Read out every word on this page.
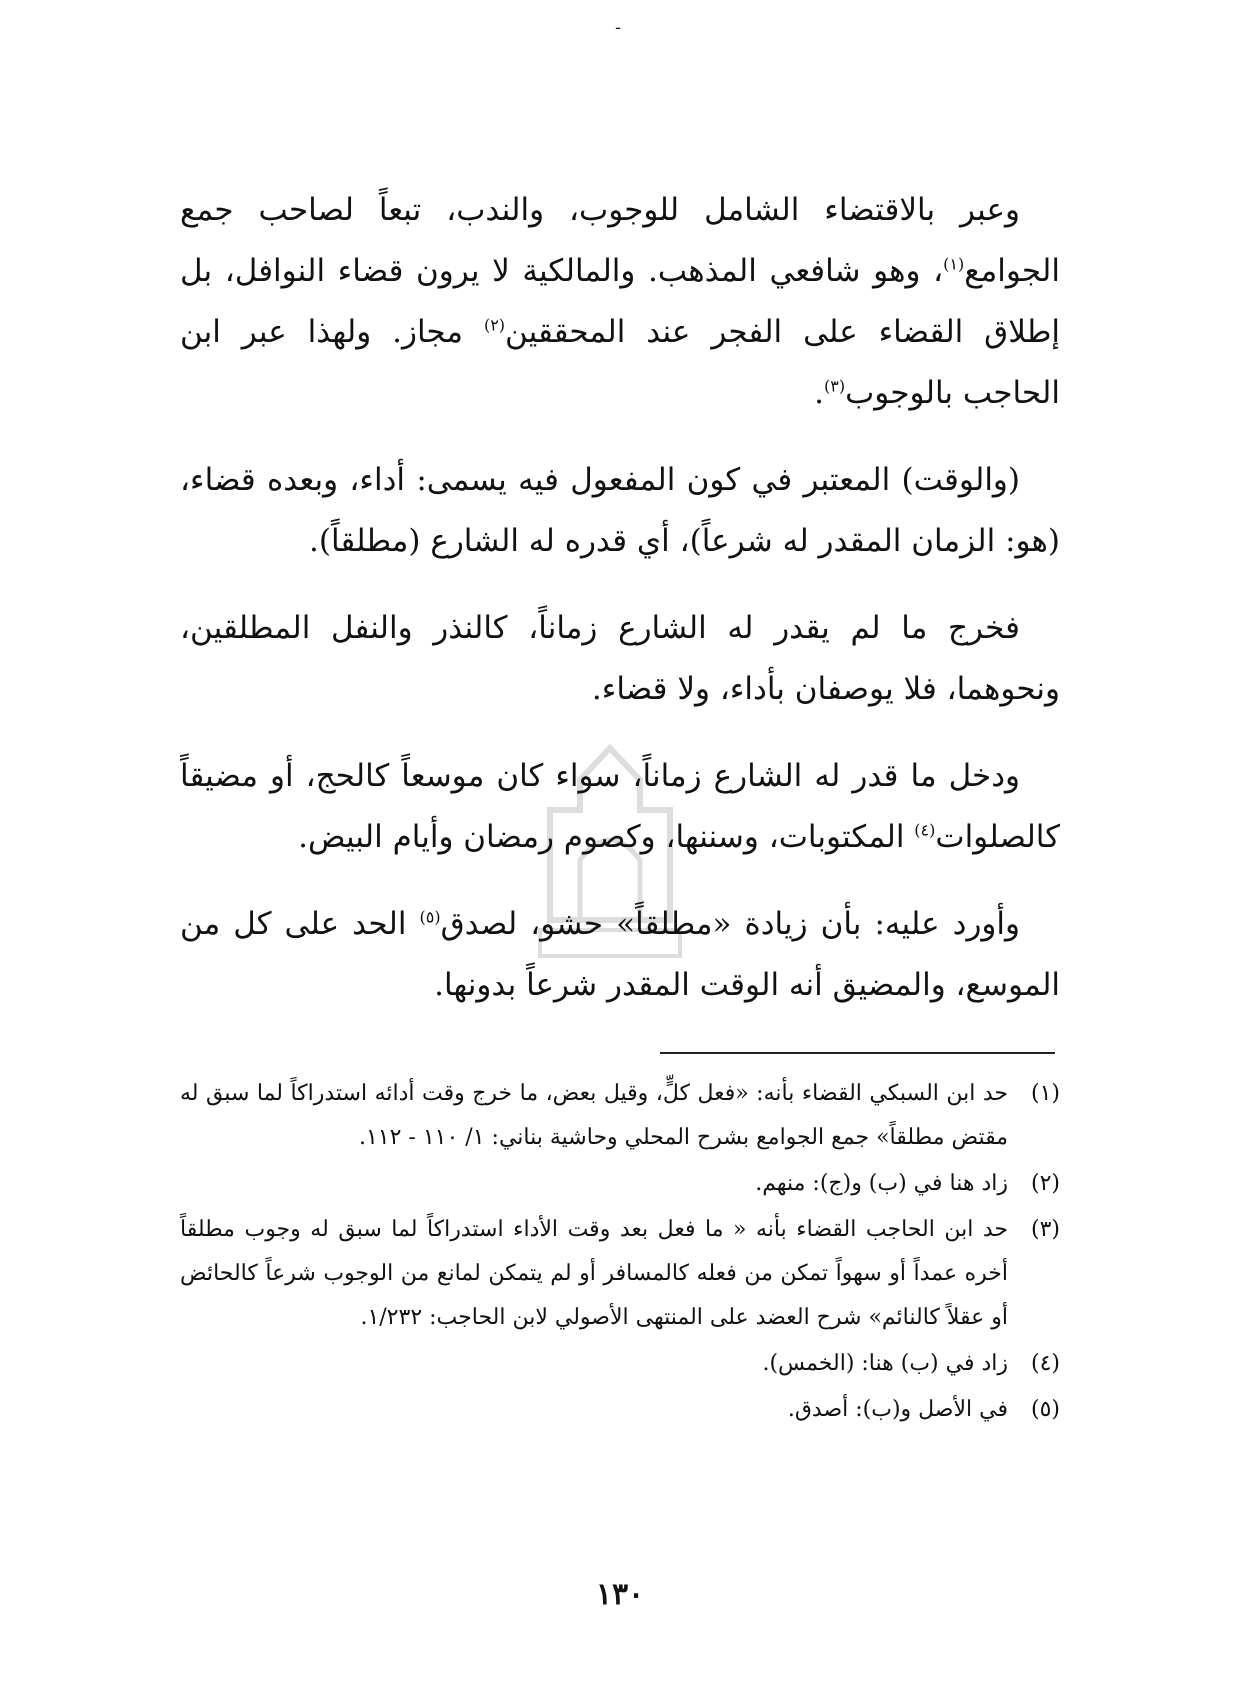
ـ

وعبر بالاقتضاء الشامل للوجوب، والندب، تبعاً لصاحب جمع الجوامع$^{(١)}$، وهو شافعي المذهب. والمالكية لا يرون قضاء النوافل، بل إطلاق القضاء على الفجر عند المحققين$^{(٢)}$ مجاز. ولهذا عبر ابن الحاجب بالوجوب$^{(٣)}$.

(والوقت) المعتبر في كون المفعول فيه يسمى: أداء، وبعده قضاء، (هو: الزمان المقدر له شرعاً)، أي قدره له الشارع (مطلقاً).

فخرج ما لم يقدر له الشارع زماناً، كالنذر والنفل المطلقين، ونحوهما، فلا يوصفان بأداء، ولا قضاء.

ودخل ما قدر له الشارع زماناً، سواء كان موسعاً كالحج، أو مضيقاً كالصلوات$^{(٤)}$ المكتوبات، وسننها، وكصوم رمضان وأيام البيض.

وأورد عليه: بأن زيادة «مطلقاً» حشو، لصدق$^{(٥)}$ الحد على كل من الموسع، والمضيق أنه الوقت المقدر شرعاً بدونها.

(١)
حد ابن السبكي القضاء بأنه: «فعل كلٍّ، وقيل بعض، ما خرج وقت أدائه استدراكاً لما سبق له مقتض مطلقاً» جمع الجوامع بشرح المحلي وحاشية بناني: ١/ ١١٠ - ١١٢.
(٢)
زاد هنا في (ب) و(ج): منهم.
(٣)
حد ابن الحاجب القضاء بأنه « ما فعل بعد وقت الأداء استدراكاً لما سبق له وجوب مطلقاً أخره عمداً أو سهواً تمكن من فعله كالمسافر أو لم يتمكن لمانع من الوجوب شرعاً كالحائض أو عقلاً كالنائم» شرح العضد على المنتهى الأصولي لابن الحاجب: ١/٢٣٢.
(٤)
زاد في (ب) هنا: (الخمس).
(٥)
في الأصل و(ب): أصدق.
١٣٠
